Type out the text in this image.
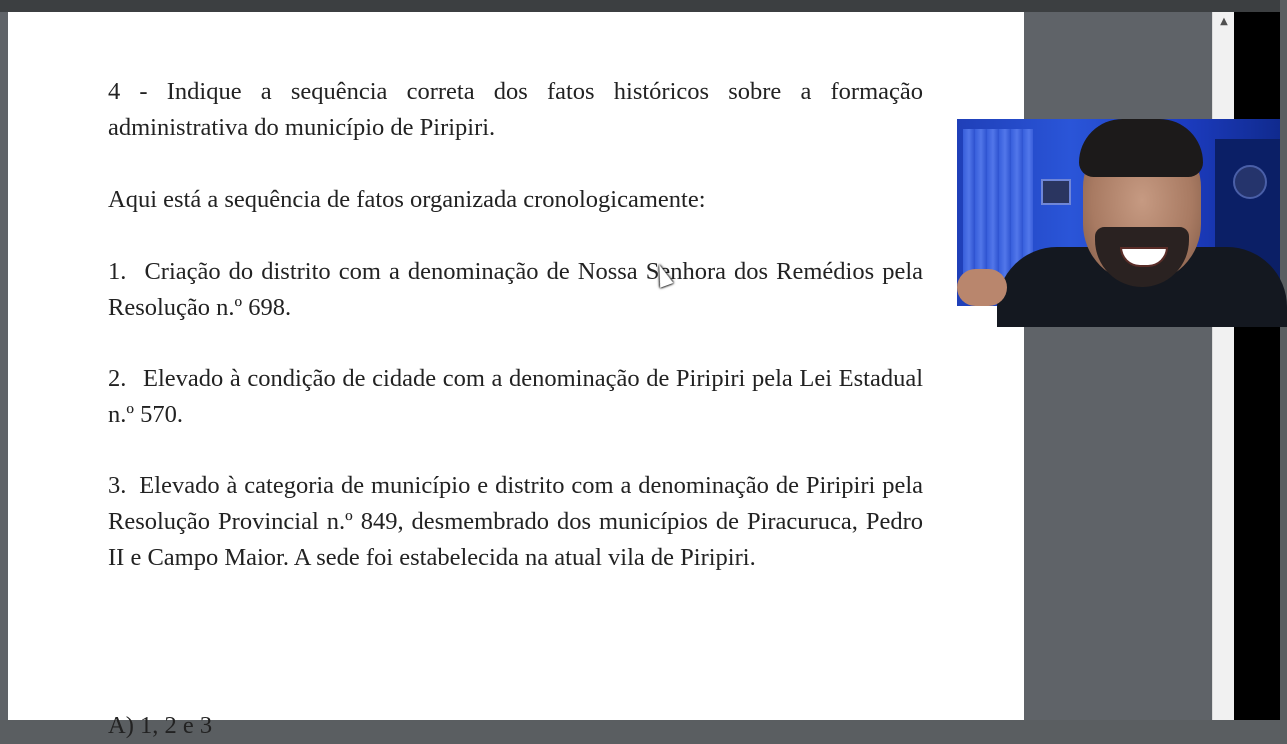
4 - Indique a sequência correta dos fatos históricos sobre a formação administrativa do município de Piripiri.

Aqui está a sequência de fatos organizada cronologicamente:

1. Criação do distrito com a denominação de Nossa Senhora dos Remédios pela Resolução n.º 698.

2. Elevado à condição de cidade com a denominação de Piripiri pela Lei Estadual n.º 570.

3. Elevado à categoria de município e distrito com a denominação de Piripiri pela Resolução Provincial n.º 849, desmembrado dos municípios de Piracuruca, Pedro II e Campo Maior. A sede foi estabelecida na atual vila de Piripiri.

A) 1, 2 e 3

▲
